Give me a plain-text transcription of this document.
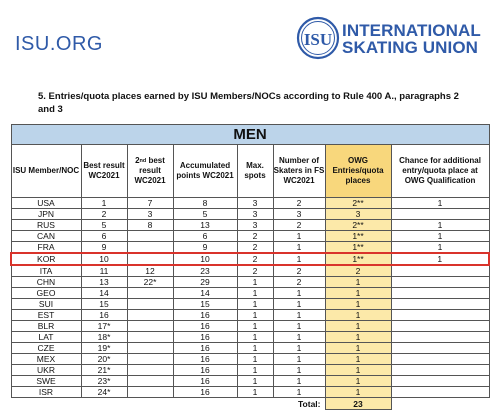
ISU.ORG	ISU INTERNATIONAL
SKATING UNION
5. Entries/quota places earned by ISU Members/NOCs according to Rule 400 A., paragraphs 2 and 3
MEN							
ISU Member/NOC	Best result WC2021	2nd best result WC2021	Accumulated points WC2021	Max. spots	Number of Skaters in FS WC2021	OWG Entries/quota places	Chance for additional entry/quota place at OWG Qualification
USA	1	7	8	3	2	2**	1
JPN	2	3	5	3	3	3	
RUS	5	8	13	3	2	2**	1
CAN	6		6	2	1	1**	1
FRA	9		9	2	1	1**	1
KOR	10		10	2	1	1**	1
ITA	11	12	23	2	2	2	
CHN	13	22*	29	1	2	1	
GEO	14		14	1	1	1	
SUI	15		15	1	1	1	
EST	16		16	1	1	1	
BLR	17*		16	1	1	1	
LAT	18*		16	1	1	1	
CZE	19*		16	1	1	1	
MEX	20*		16	1	1	1	
UKR	21*		16	1	1	1	
SWE	23*		16	1	1	1	
ISR	24*		16	1	1	1	
					Total:	23	
